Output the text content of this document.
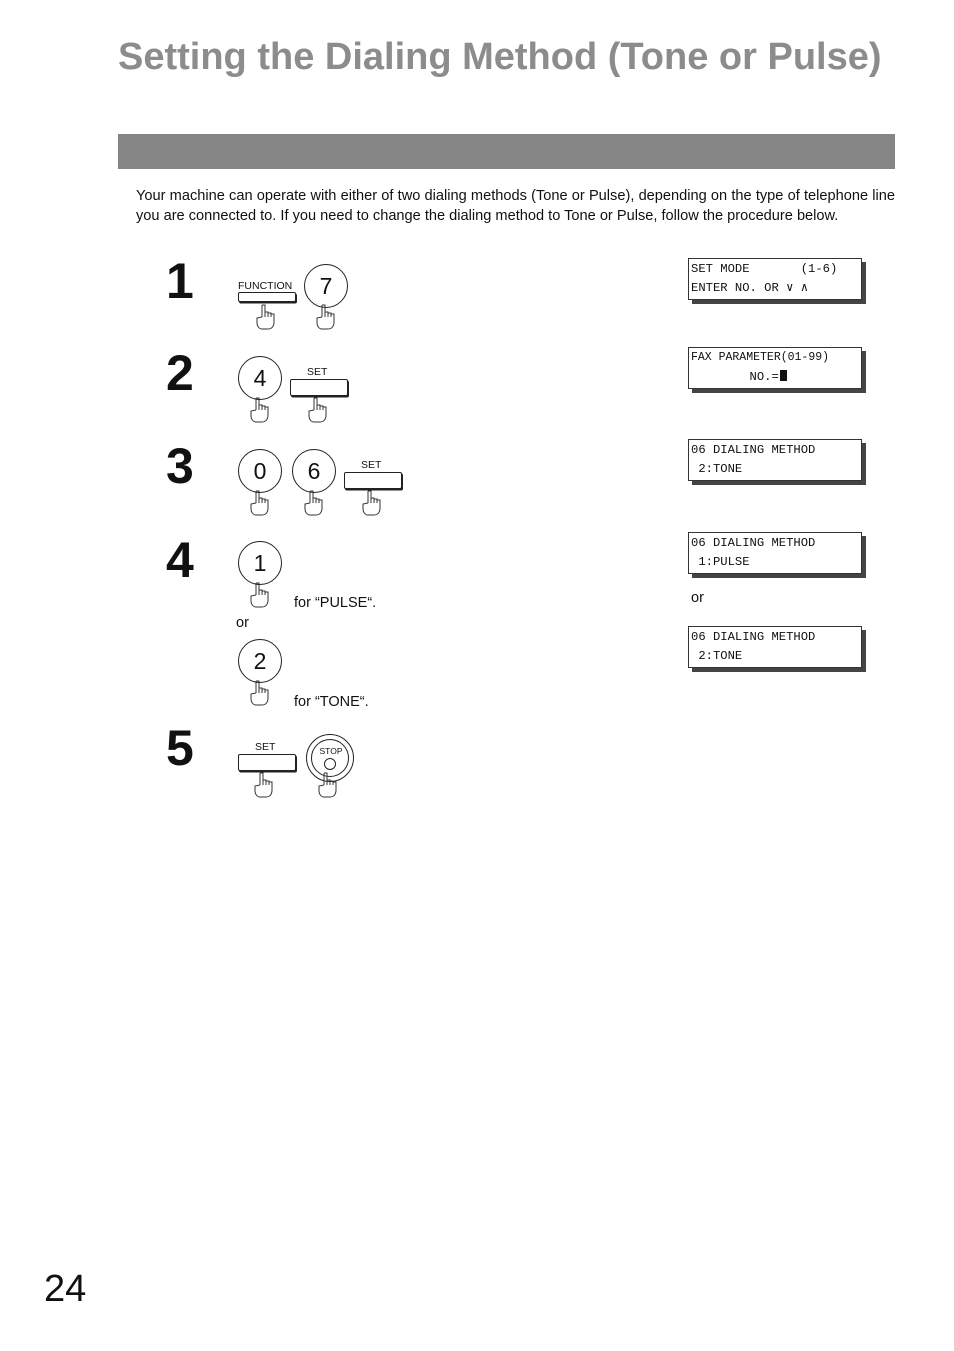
Setting the Dialing Method (Tone or Pulse)
Your machine can operate with either of two dialing methods (Tone or Pulse), depending on the type of telephone line you are connected to. If you need to change the dialing method to Tone or Pulse, follow the procedure below.
1
2
3
4
5
FUNCTION	7
SET MODE       (1-6)
ENTER NO. OR ∨ ∧
4	SET
FAX PARAMETER(01-99)
NO.=
0	6	SET
06 DIALING METHOD
2:TONE
1
for “PULSE“.
or
2
for “TONE“.
06 DIALING METHOD
1:PULSE
or
06 DIALING METHOD
2:TONE
SET	STOP
24
